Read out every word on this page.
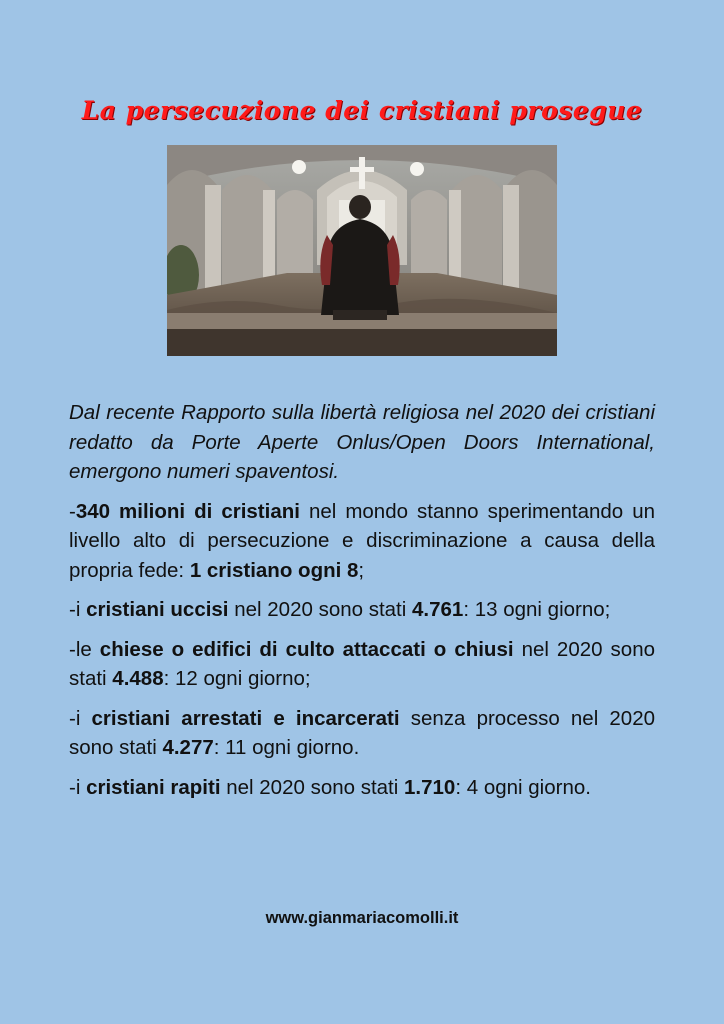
La persecuzione dei cristiani prosegue

Dal recente Rapporto sulla libertà religiosa nel 2020 dei cristiani redatto da Porte Aperte Onlus/Open Doors International, emergono numeri spaventosi.

-340 milioni di cristiani nel mondo stanno sperimentando un livello alto di persecuzione e discriminazione a causa della propria fede: 1 cristiano ogni 8;

-i cristiani uccisi nel 2020 sono stati 4.761: 13 ogni giorno;

-le chiese o edifici di culto attaccati o chiusi nel 2020 sono stati 4.488: 12 ogni giorno;

-i cristiani arrestati e incarcerati senza processo nel 2020 sono stati 4.277: 11 ogni giorno.

-i cristiani rapiti nel 2020 sono stati 1.710: 4 ogni giorno.

www.gianmariacomolli.it
